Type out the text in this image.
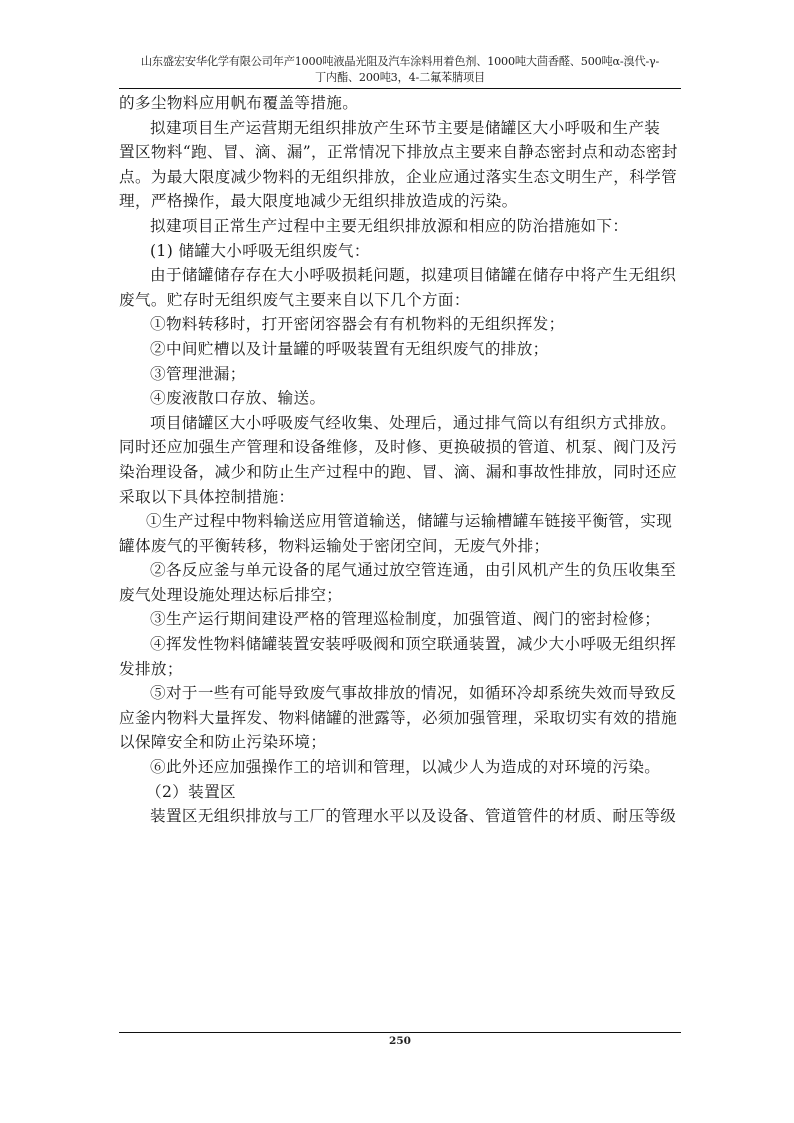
山东盛宏安华化学有限公司年产1000吨液晶光阻及汽车涂料用着色剂、1000吨大茴香醛、500吨α-溴代-γ-
丁内酯、200吨3，4-二氟苯腈项目

的多尘物料应用帆布覆盖等措施。

拟建项目生产运营期无组织排放产生环节主要是储罐区大小呼吸和生产装

置区物料“跑、冒、滴、漏”，正常情况下排放点主要来自静态密封点和动态密封

点。为最大限度减少物料的无组织排放，企业应通过落实生态文明生产，科学管

理，严格操作，最大限度地减少无组织排放造成的污染。

拟建项目正常生产过程中主要无组织排放源和相应的防治措施如下：

(1) 储罐大小呼吸无组织废气：

由于储罐储存存在大小呼吸损耗问题，拟建项目储罐在储存中将产生无组织

废气。贮存时无组织废气主要来自以下几个方面：

①物料转移时，打开密闭容器会有有机物料的无组织挥发；

②中间贮槽以及计量罐的呼吸装置有无组织废气的排放；

③管理泄漏；

④废液散口存放、输送。

项目储罐区大小呼吸废气经收集、处理后，通过排气筒以有组织方式排放。

同时还应加强生产管理和设备维修，及时修、更换破损的管道、机泵、阀门及污

染治理设备，减少和防止生产过程中的跑、冒、滴、漏和事故性排放，同时还应

采取以下具体控制措施：

①生产过程中物料输送应用管道输送，储罐与运输槽罐车链接平衡管，实现

罐体废气的平衡转移，物料运输处于密闭空间，无废气外排；

②各反应釜与单元设备的尾气通过放空管连通，由引风机产生的负压收集至

废气处理设施处理达标后排空；

③生产运行期间建设严格的管理巡检制度，加强管道、阀门的密封检修；

④挥发性物料储罐装置安装呼吸阀和顶空联通装置，减少大小呼吸无组织挥

发排放；

⑤对于一些有可能导致废气事故排放的情况，如循环冷却系统失效而导致反

应釜内物料大量挥发、物料储罐的泄露等，必须加强管理，采取切实有效的措施

以保障安全和防止污染环境；

⑥此外还应加强操作工的培训和管理，以减少人为造成的对环境的污染。

（2）装置区

装置区无组织排放与工厂的管理水平以及设备、管道管件的材质、耐压等级

250
